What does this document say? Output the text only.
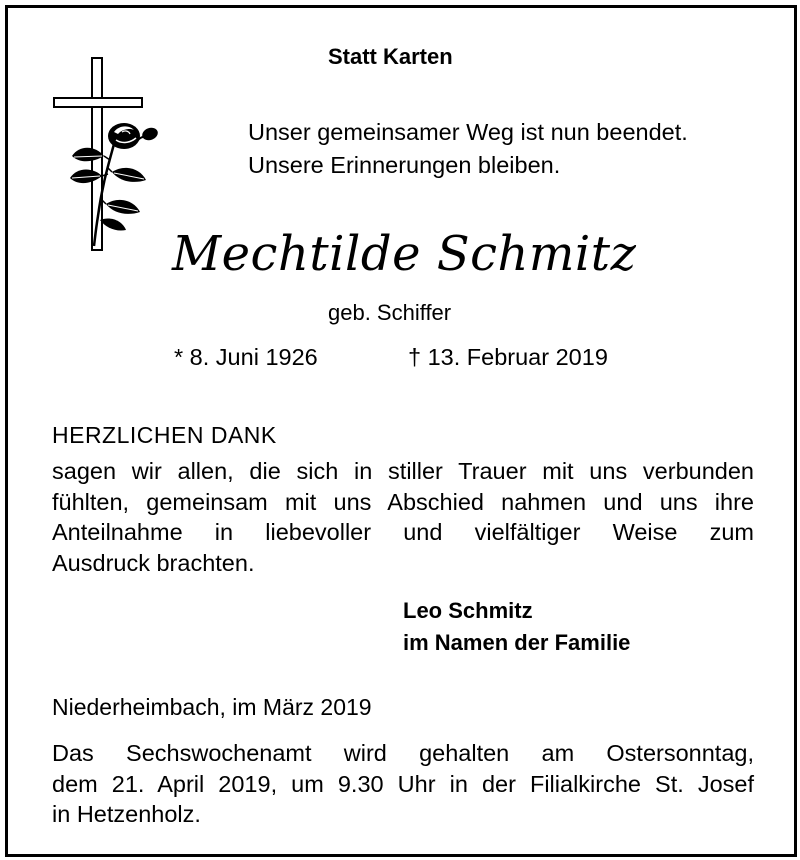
Statt Karten
Unser gemeinsamer Weg ist nun beendet.
Unsere Erinnerungen bleiben.
Mechtilde Schmitz
geb. Schiffer
* 8. Juni 1926	† 13. Februar 2019
HERZLICHEN DANK
sagen wir allen, die sich in stiller Trauer mit uns verbunden
fühlten, gemeinsam mit uns Abschied nahmen und uns ihre
Anteilnahme in liebevoller und vielfältiger Weise zum
Ausdruck brachten.
Leo Schmitz
im Namen der Familie
Niederheimbach, im März 2019
Das Sechswochenamt wird gehalten am Ostersonntag,
dem 21. April 2019, um 9.30 Uhr in der Filialkirche St. Josef
in Hetzenholz.
